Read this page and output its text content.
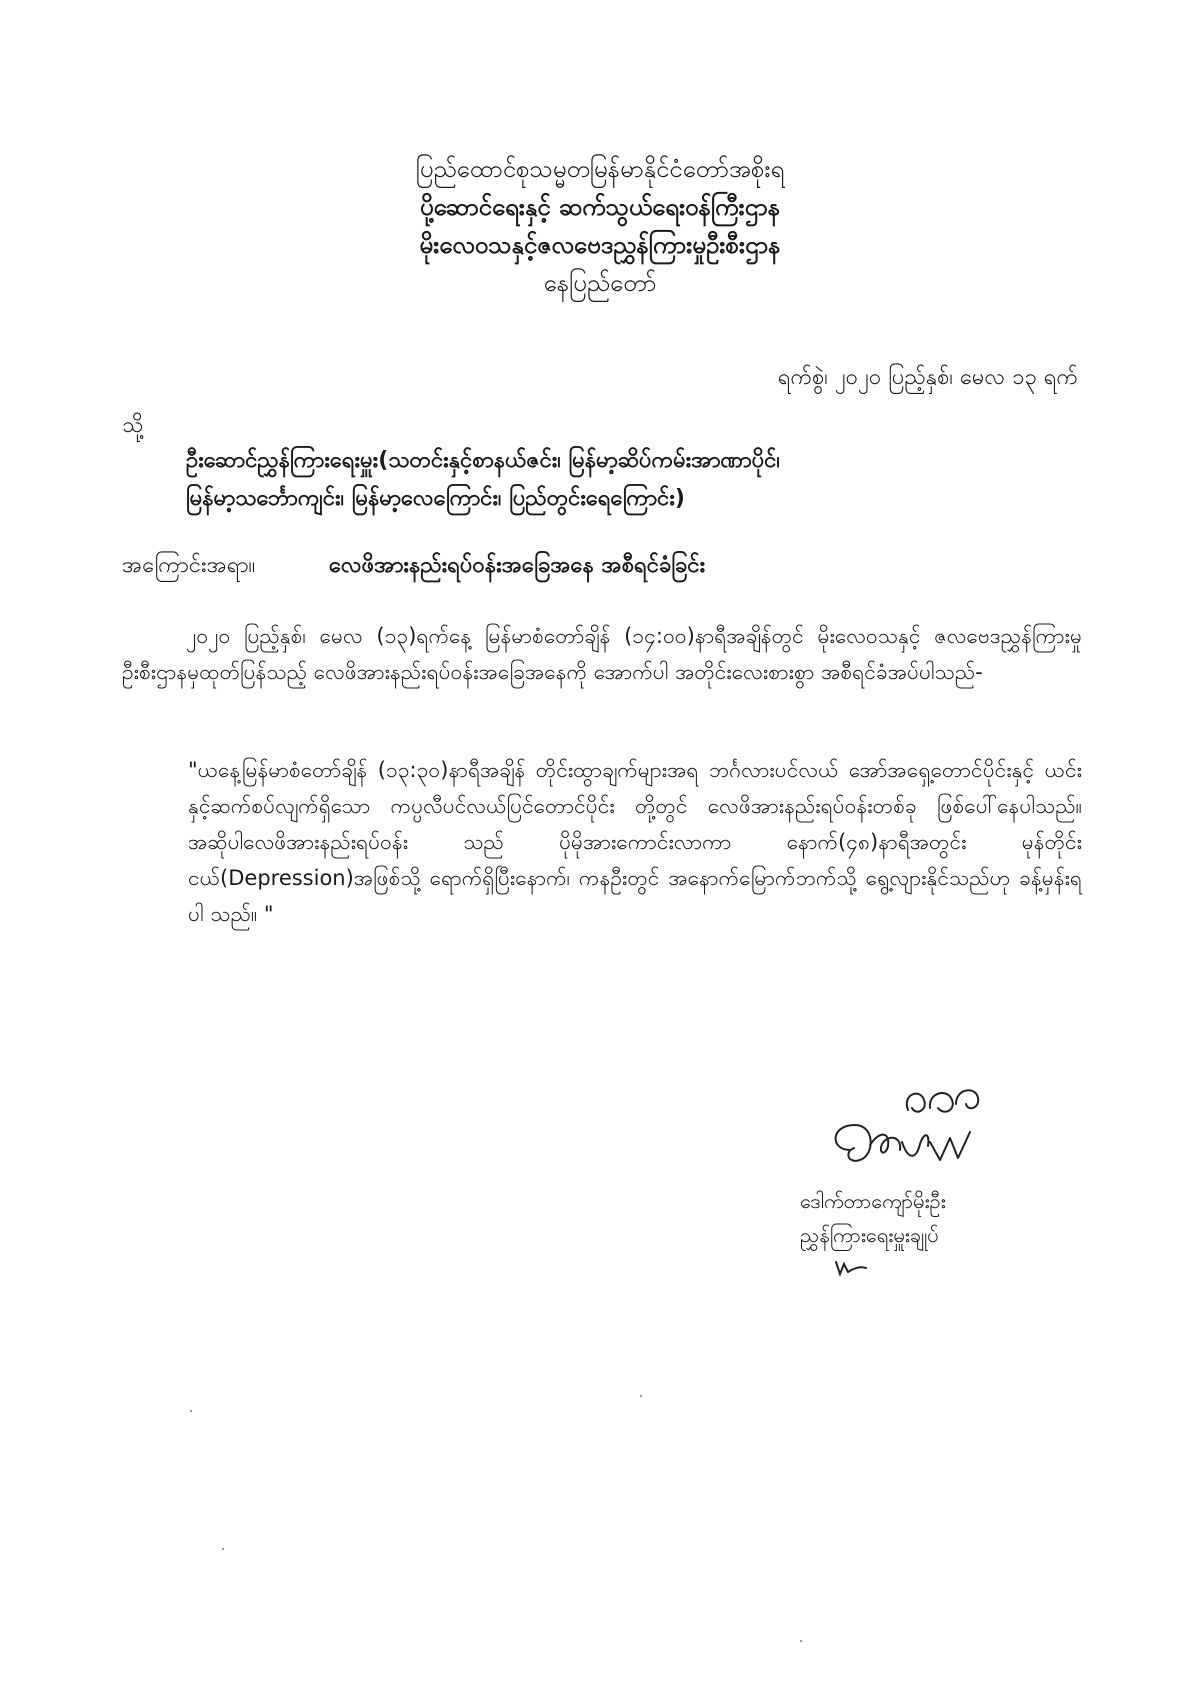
ပြည်ထောင်စုသမ္မတမြန်မာနိုင်ငံတော်အစိုးရ
ပို့ဆောင်ရေးနှင့် ဆက်သွယ်ရေးဝန်ကြီးဌာန
မိုးလေဝသနှင့်ဇလဗေဒညွှန်ကြားမှုဦးစီးဌာန
နေပြည်တော်
ရက်စွဲ၊ ၂၀၂၀ ပြည့်နှစ်၊ မေလ ၁၃ ရက်
သို့
ဦးဆောင်ညွှန်ကြားရေးမှူး(သတင်းနှင့်စာနယ်ဇင်း၊ မြန်မာ့ဆိပ်ကမ်းအာဏာပိုင်၊
မြန်မာ့သင်္ဘောကျင်း၊ မြန်မာ့လေကြောင်း၊ ပြည်တွင်းရေကြောင်း)
အကြောင်းအရာ။	လေဖိအားနည်းရပ်ဝန်းအခြေအနေ အစီရင်ခံခြင်း
၂၀၂၀ ပြည့်နှစ်၊ မေလ (၁၃)ရက်နေ့ မြန်မာစံတော်ချိန် (၁၄:၀၀)နာရီအချိန်တွင် မိုးလေဝသနှင့် ဇလဗေဒညွှန်ကြားမှုဦးစီးဌာနမှထုတ်ပြန်သည့် လေဖိအားနည်းရပ်ဝန်းအခြေအနေကို အောက်ပါ အတိုင်းလေးစားစွာ အစီရင်ခံအပ်ပါသည်-
"ယနေ့မြန်မာစံတော်ချိန် (၁၃:၃၀)နာရီအချိန် တိုင်းထွာချက်များအရ ဘင်္ဂလားပင်လယ် အော်အရှေ့တောင်ပိုင်းနှင့် ယင်းနှင့်ဆက်စပ်လျက်ရှိသော ကပ္ပလီပင်လယ်ပြင်တောင်ပိုင်း တို့တွင် လေဖိအားနည်းရပ်ဝန်းတစ်ခု ဖြစ်ပေါ်နေပါသည်။ အဆိုပါလေဖိအားနည်းရပ်ဝန်း သည် ပိုမိုအားကောင်းလာကာ နောက်(၄၈)နာရီအတွင်း မုန်တိုင်းငယ်(Depression)အဖြစ်သို့ ရောက်ရှိပြီးနောက်၊ ကနဦးတွင် အနောက်မြောက်ဘက်သို့ ရွေ့လျားနိုင်သည်ဟု ခန့်မှန်းရပါ သည်။ "
ဒေါက်တာကျော်မိုးဦး
ညွှန်ကြားရေးမှူးချုပ်
